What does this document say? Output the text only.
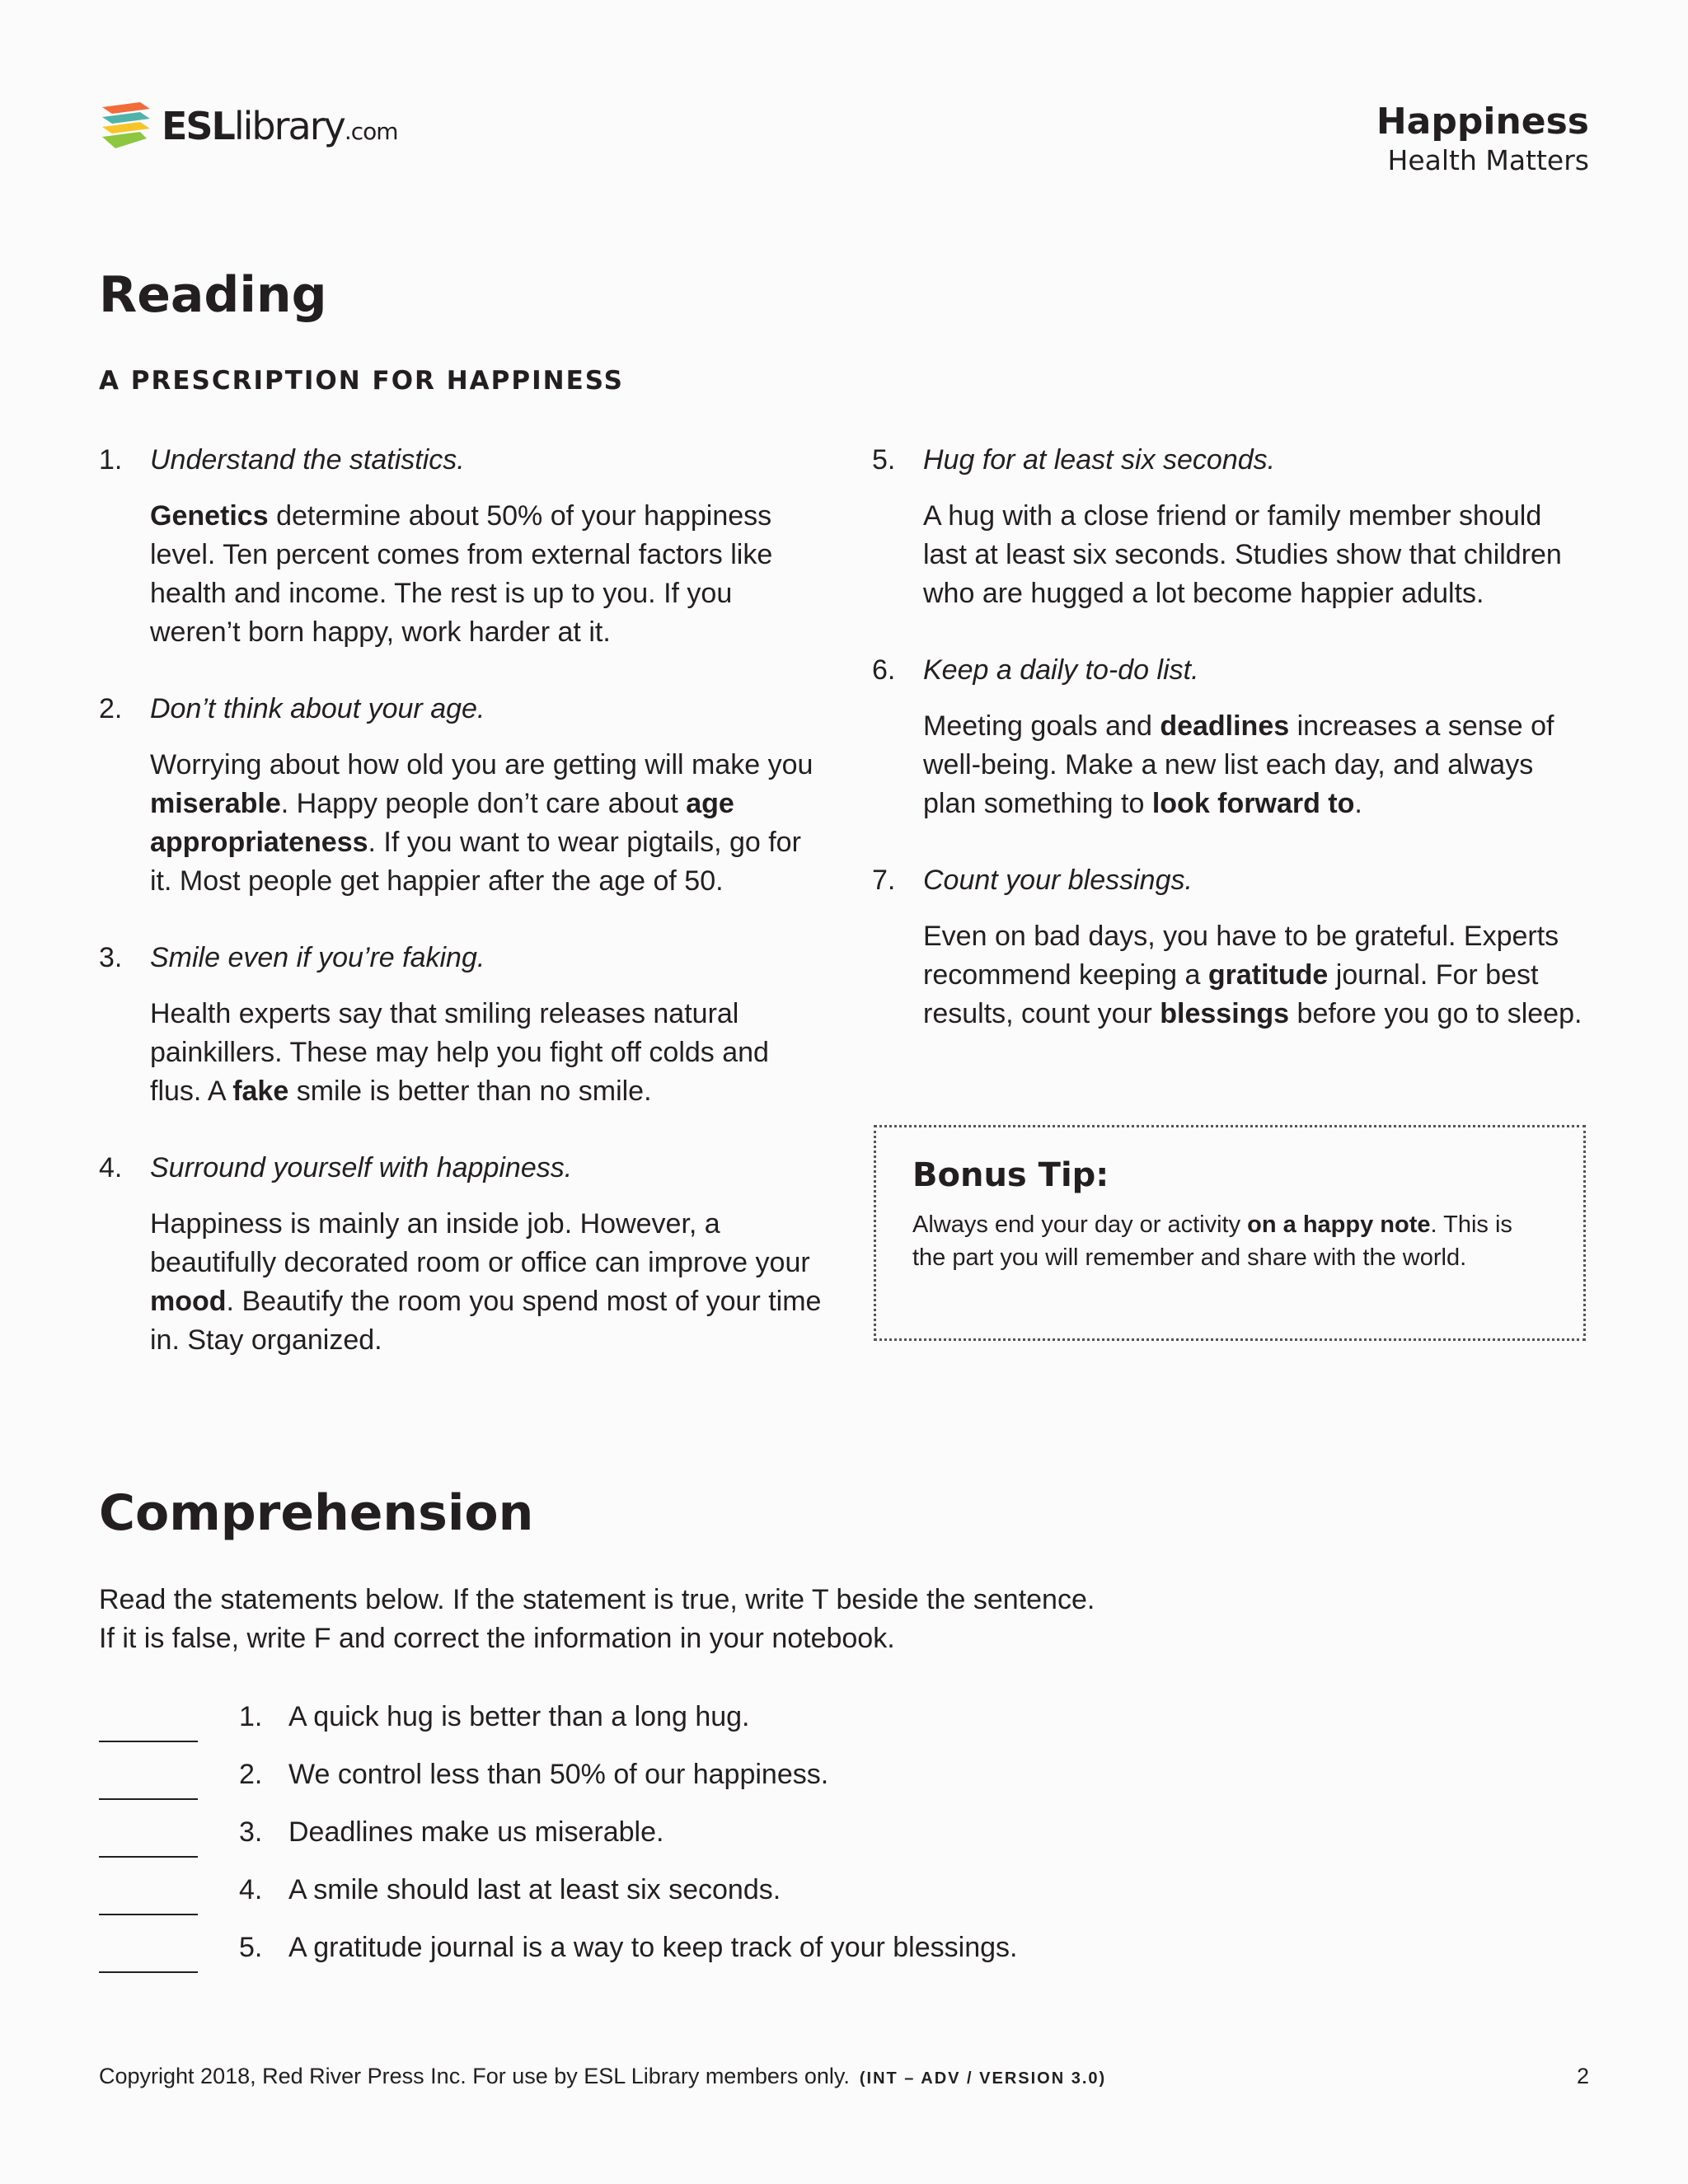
ESLlibrary.com	Happiness
Health Matters
Reading
A PRESCRIPTION FOR HAPPINESS
1. Understand the statistics.
Genetics determine about 50% of your happiness level. Ten percent comes from external factors like health and income. The rest is up to you. If you weren’t born happy, work harder at it.
2. Don’t think about your age.
Worrying about how old you are getting will make you miserable. Happy people don’t care about age appropriateness. If you want to wear pigtails, go for it. Most people get happier after the age of 50.
3. Smile even if you’re faking.
Health experts say that smiling releases natural painkillers. These may help you fight off colds and flus. A fake smile is better than no smile.
4. Surround yourself with happiness.
Happiness is mainly an inside job. However, a beautifully decorated room or office can improve your mood. Beautify the room you spend most of your time in. Stay organized.
5. Hug for at least six seconds.
A hug with a close friend or family member should last at least six seconds. Studies show that children who are hugged a lot become happier adults.
6. Keep a daily to-do list.
Meeting goals and deadlines increases a sense of well-being. Make a new list each day, and always plan something to look forward to.
7. Count your blessings.
Even on bad days, you have to be grateful. Experts recommend keeping a gratitude journal. For best results, count your blessings before you go to sleep.
Bonus Tip:
Always end your day or activity on a happy note. This is the part you will remember and share with the world.
Comprehension
Read the statements below. If the statement is true, write T beside the sentence.
If it is false, write F and correct the information in your notebook.
1. A quick hug is better than a long hug.
2. We control less than 50% of our happiness.
3. Deadlines make us miserable.
4. A smile should last at least six seconds.
5. A gratitude journal is a way to keep track of your blessings.
Copyright 2018, Red River Press Inc. For use by ESL Library members only. (INT – ADV / VERSION 3.0)	2
